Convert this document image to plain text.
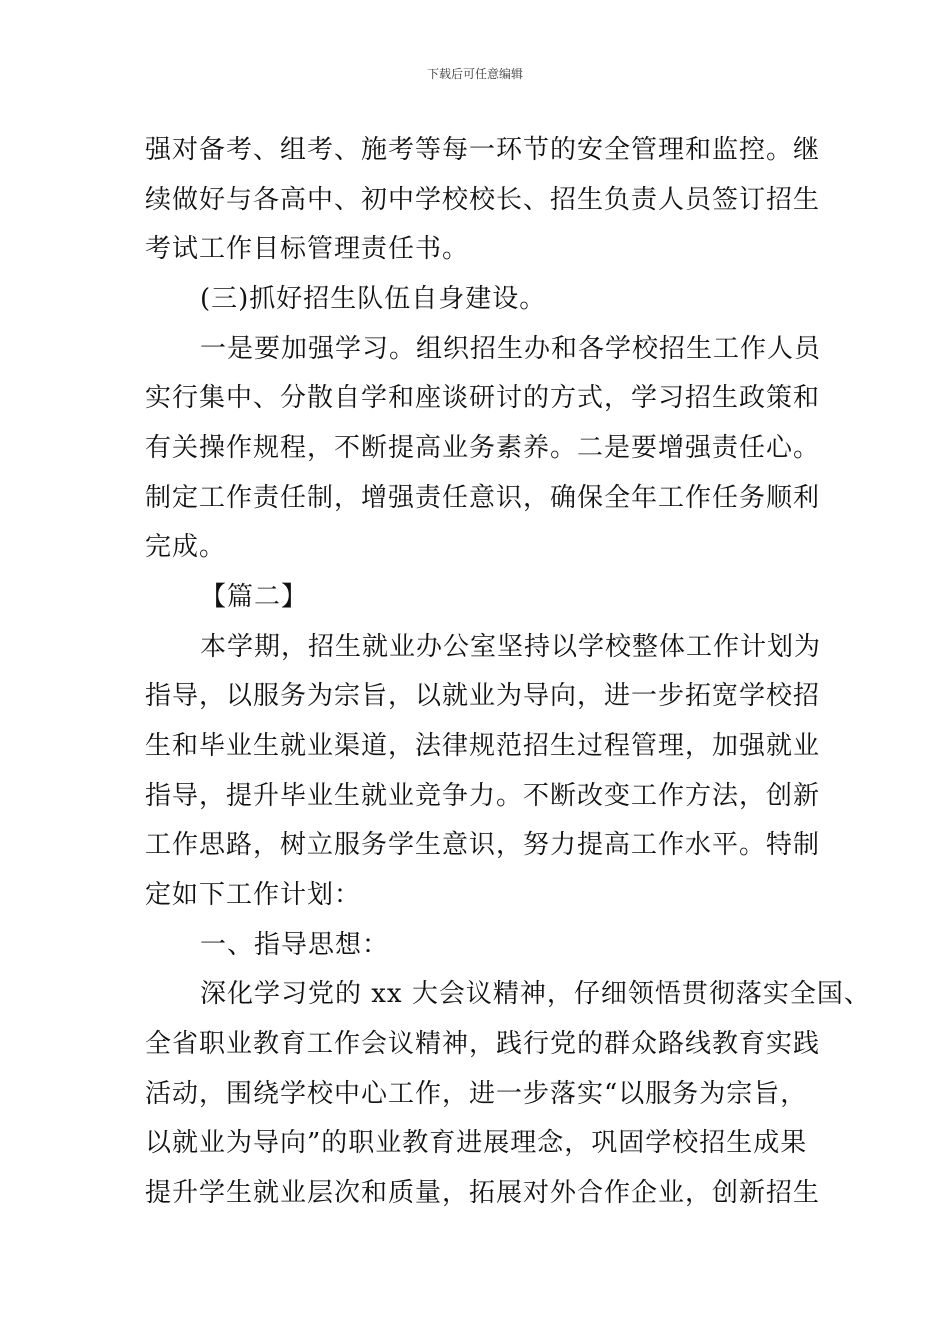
下载后可任意编辑
强对备考、组考、施考等每一环节的安全管理和监控。继
续做好与各高中、初中学校校长、招生负责人员签订招生
考试工作目标管理责任书。
(三)抓好招生队伍自身建设。
一是要加强学习。组织招生办和各学校招生工作人员
实行集中、分散自学和座谈研讨的方式，学习招生政策和
有关操作规程，不断提高业务素养。二是要增强责任心。
制定工作责任制，增强责任意识，确保全年工作任务顺利
完成。
【篇二】
本学期，招生就业办公室坚持以学校整体工作计划为
指导，以服务为宗旨，以就业为导向，进一步拓宽学校招
生和毕业生就业渠道，法律规范招生过程管理，加强就业
指导，提升毕业生就业竞争力。不断改变工作方法，创新
工作思路，树立服务学生意识，努力提高工作水平。特制
定如下工作计划：
一、指导思想：
深化学习党的 xx 大会议精神，仔细领悟贯彻落实全国、
全省职业教育工作会议精神，践行党的群众路线教育实践
活动，围绕学校中心工作，进一步落实“以服务为宗旨，
以就业为导向”的职业教育进展理念，巩固学校招生成果
提升学生就业层次和质量，拓展对外合作企业，创新招生
